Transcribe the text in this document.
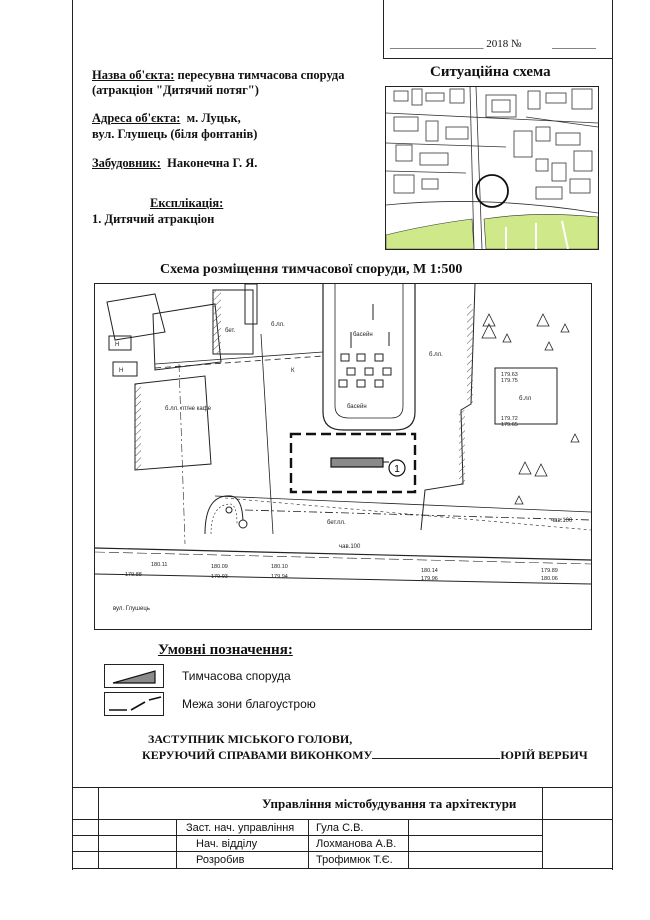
_________________ 2018 №	________
Назва об'єкта: пересувна тимчасова споруда
(атракціон "Дитячий потяг")
Адреса об'єкта: м. Луцьк,
вул. Глушець (біля фонтанів)
Забудовник: Наконечна Г. Я.
Ситуаційна схема
Експлікація:
1. Дитячий атракціон
Схема розміщення тимчасової споруди, М 1:500
1
б.лл.
б.лл. лт/не кафе
бет.
бет.пл.
басейн
басейн
б.лл.
б.лл
вул. Глушець
чав.100
чав.100
Н
Н	К
179.63
179.75
179.72
179.65
180.09
179.93
180.10
179.94
180.14
179.96	180.06
179.88
180.11
179.89
Умовні позначення:
Тимчасова споруда
Межа зони благоустрою
ЗАСТУПНИК МІСЬКОГО ГОЛОВИ,
КЕРУЮЧИЙ СПРАВАМИ ВИКОНКОМУ	ЮРІЙ ВЕРБИЧ
Управління містобудування та архітектури
Заст. нач. управління Гула С.В.
Нач. відділу	Лохманова А.В.
Розробив	Трофимюк Т.Є.
